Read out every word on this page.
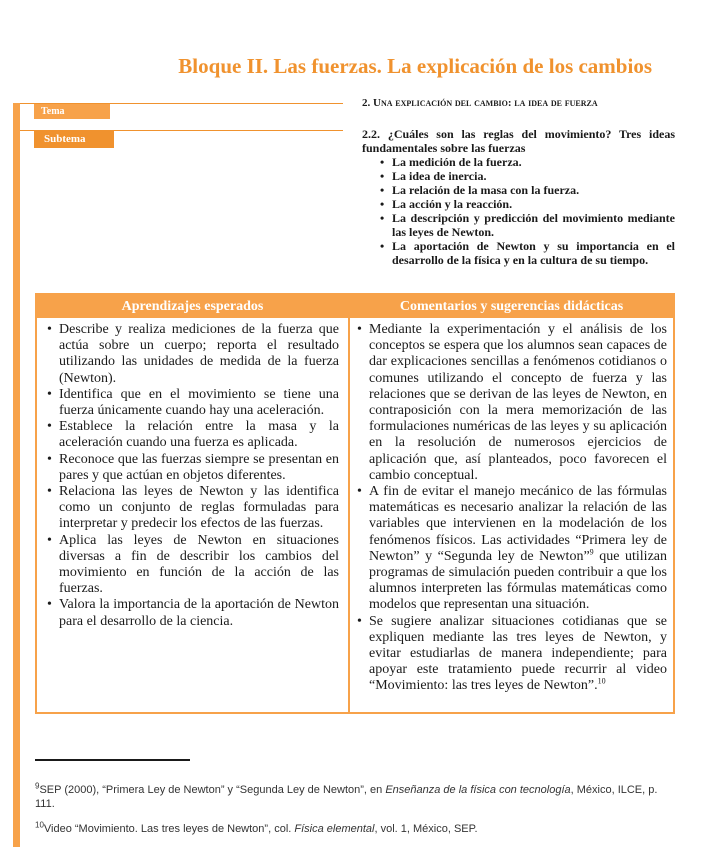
Bloque II. Las fuerzas. La explicación de los cambios
Tema
2. Una explicación del cambio: la idea de fuerza
Subtema	2.2. ¿Cuáles son las reglas del movimiento? Tres ideas fundamentales sobre las fuerzas
• La medición de la fuerza.
• La idea de inercia.
• La relación de la masa con la fuerza.
• La acción y la reacción.
• La descripción y predicción del movimiento mediante las leyes de Newton.
• La aportación de Newton y su importancia en el desarrollo de la física y en la cultura de su tiempo.
Aprendizajes esperados	Comentarios y sugerencias didácticas
• Describe y realiza mediciones de la fuerza que actúa sobre un cuerpo; reporta el resultado utilizando las unidades de medida de la fuerza (Newton).
• Identifica que en el movimiento se tiene una fuerza únicamente cuando hay una aceleración.
• Establece la relación entre la masa y la aceleración cuando una fuerza es aplicada.
• Reconoce que las fuerzas siempre se presentan en pares y que actúan en objetos diferentes.
• Relaciona las leyes de Newton y las identifica como un conjunto de reglas formuladas para interpretar y predecir los efectos de las fuerzas.
• Aplica las leyes de Newton en situaciones diversas a fin de describir los cambios del movimiento en función de la acción de las fuerzas.
• Valora la importancia de la aportación de Newton para el desarrollo de la ciencia.
• Mediante la experimentación y el análisis de los conceptos se espera que los alumnos sean capaces de dar explicaciones sencillas a fenómenos cotidianos o comunes utilizando el concepto de fuerza y las relaciones que se derivan de las leyes de Newton, en contraposición con la mera memorización de las formulaciones numéricas de las leyes y su aplicación en la resolución de numerosos ejercicios de aplicación que, así planteados, poco favorecen el cambio conceptual.
• A fin de evitar el manejo mecánico de las fórmulas matemáticas es necesario analizar la relación de las variables que intervienen en la modelación de los fenómenos físicos. Las actividades “Primera ley de Newton” y “Segunda ley de Newton”$^9$ que utilizan programas de simulación pueden contribuir a que los alumnos interpreten las fórmulas matemáticas como modelos que representan una situación.
• Se sugiere analizar situaciones cotidianas que se expliquen mediante las tres leyes de Newton, y evitar estudiarlas de manera independiente; para apoyar este tratamiento puede recurrir al video “Movimiento: las tres leyes de Newton”.$^{10}$

$^9$SEP (2000), “Primera Ley de Newton” y “Segunda Ley de Newton”, en Enseñanza de la física con tecnología, México, ILCE, p. 111.

$^{10}$Video “Movimiento. Las tres leyes de Newton”, col. Física elemental, vol. 1, México, SEP.
